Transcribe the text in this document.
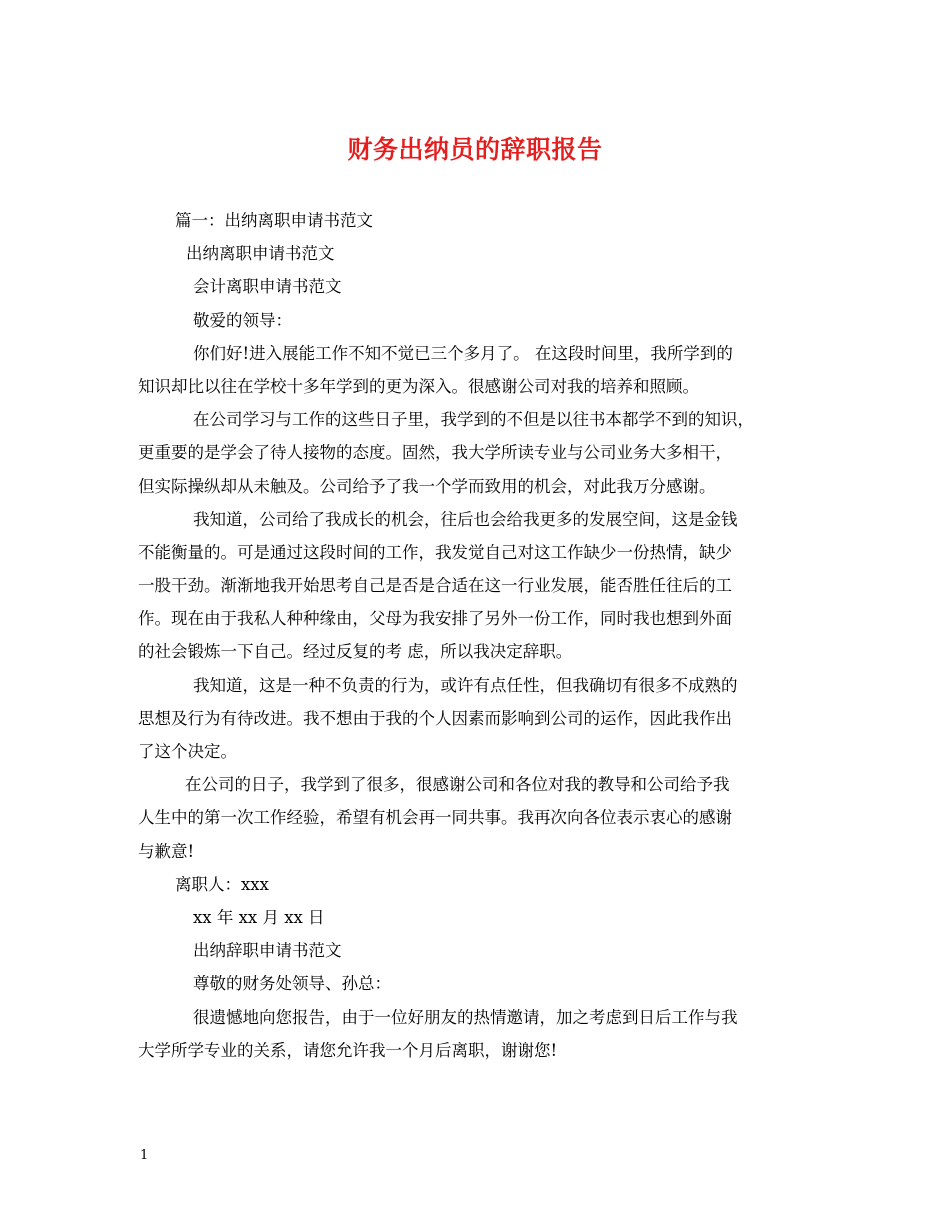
财务出纳员的辞职报告
篇一：出纳离职申请书范文
出纳离职申请书范文
会计离职申请书范文
敬爱的领导：
你们好!进入展能工作不知不觉已三个多月了。 在这段时间里，我所学到的
知识却比以往在学校十多年学到的更为深入。很感谢公司对我的培养和照顾。
在公司学习与工作的这些日子里，我学到的不但是以往书本都学不到的知识，
更重要的是学会了待人接物的态度。固然，我大学所读专业与公司业务大多相干，
但实际操纵却从未触及。公司给予了我一个学而致用的机会，对此我万分感谢。
我知道，公司给了我成长的机会，往后也会给我更多的发展空间，这是金钱
不能衡量的。可是通过这段时间的工作，我发觉自己对这工作缺少一份热情，缺少
一股干劲。渐渐地我开始思考自己是否是合适在这一行业发展，能否胜任往后的工
作。现在由于我私人种种缘由，父母为我安排了另外一份工作，同时我也想到外面
的社会锻炼一下自己。经过反复的考 虑，所以我决定辞职。
我知道，这是一种不负责的行为，或许有点任性，但我确切有很多不成熟的
思想及行为有待改进。我不想由于我的个人因素而影响到公司的运作，因此我作出
了这个决定。
在公司的日子，我学到了很多，很感谢公司和各位对我的教导和公司给予我
人生中的第一次工作经验，希望有机会再一同共事。我再次向各位表示衷心的感谢
与歉意!
离职人：xxx
xx 年 xx 月 xx 日
出纳辞职申请书范文
尊敬的财务处领导、孙总：
很遗憾地向您报告，由于一位好朋友的热情邀请，加之考虑到日后工作与我
大学所学专业的关系，请您允许我一个月后离职，谢谢您!
1
